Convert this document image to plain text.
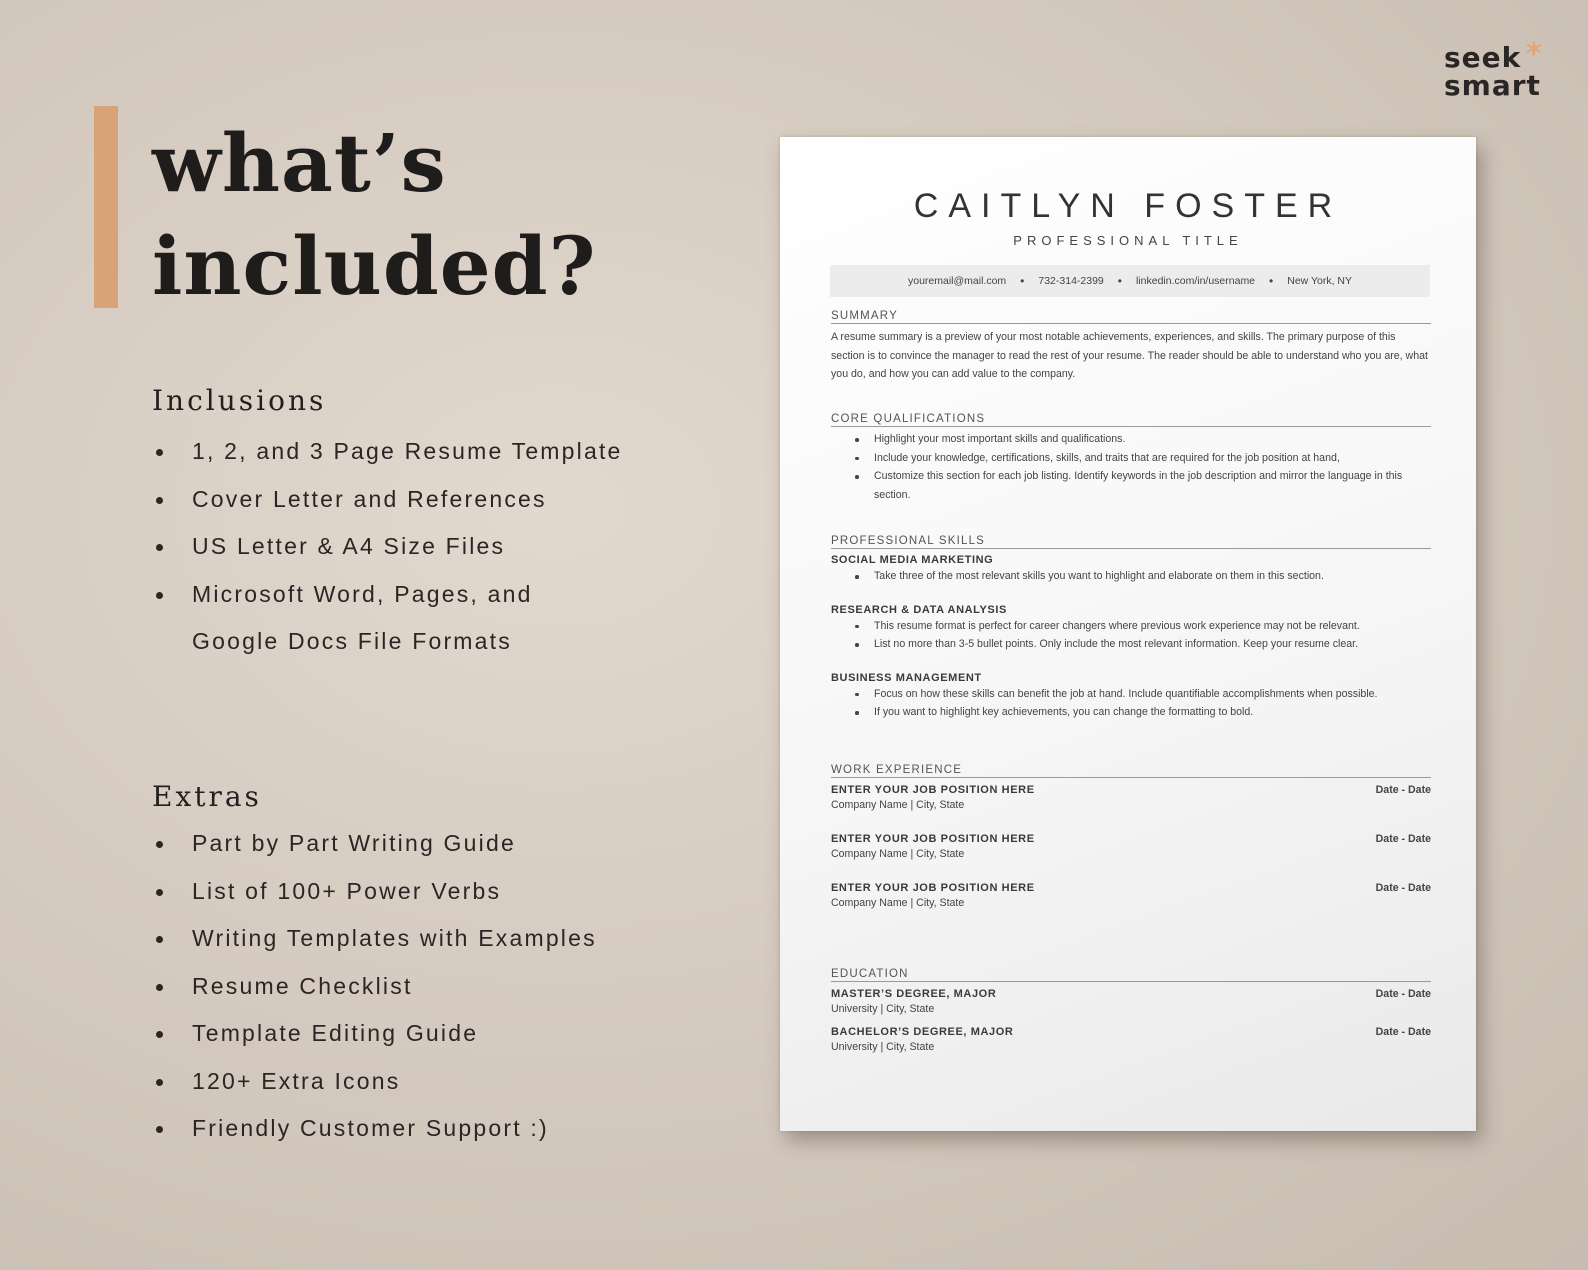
what’s
included?
seek
smart
*
Inclusions
1, 2, and 3 Page Resume Template
Cover Letter and References
US Letter & A4 Size Files
Microsoft Word, Pages, and
Google Docs File Formats
Extras
Part by Part Writing Guide
List of 100+ Power Verbs
Writing Templates with Examples
Resume Checklist
Template Editing Guide
120+ Extra Icons
Friendly Customer Support :)
CAITLYN FOSTER
PROFESSIONAL TITLE
youremail@mail.com • 732-314-2399 • linkedin.com/in/username • New York, NY
SUMMARY

A resume summary is a preview of your most notable achievements, experiences, and skills. The primary purpose of this section is to convince the manager to read the rest of your resume. The reader should be able to understand who you are, what you do, and how you can add value to the company.

CORE QUALIFICATIONS
Highlight your most important skills and qualifications.
Include your knowledge, certifications, skills, and traits that are required for the job position at hand,
Customize this section for each job listing. Identify keywords in the job description and mirror the language in this section.
PROFESSIONAL SKILLS
SOCIAL MEDIA MARKETING
Take three of the most relevant skills you want to highlight and elaborate on them in this section.
RESEARCH & DATA ANALYSIS
This resume format is perfect for career changers where previous work experience may not be relevant.
List no more than 3-5 bullet points. Only include the most relevant information. Keep your resume clear.
BUSINESS MANAGEMENT
Focus on how these skills can benefit the job at hand. Include quantifiable accomplishments when possible.
If you want to highlight key achievements, you can change the formatting to bold.
WORK EXPERIENCE
ENTER YOUR JOB POSITION HERE	Date - Date
Company Name | City, State
ENTER YOUR JOB POSITION HERE	Date - Date
Company Name | City, State
ENTER YOUR JOB POSITION HERE	Date - Date
Company Name | City, State
EDUCATION
MASTER’S DEGREE, MAJOR	Date - Date
University | City, State
BACHELOR’S DEGREE, MAJOR	Date - Date
University | City, State
